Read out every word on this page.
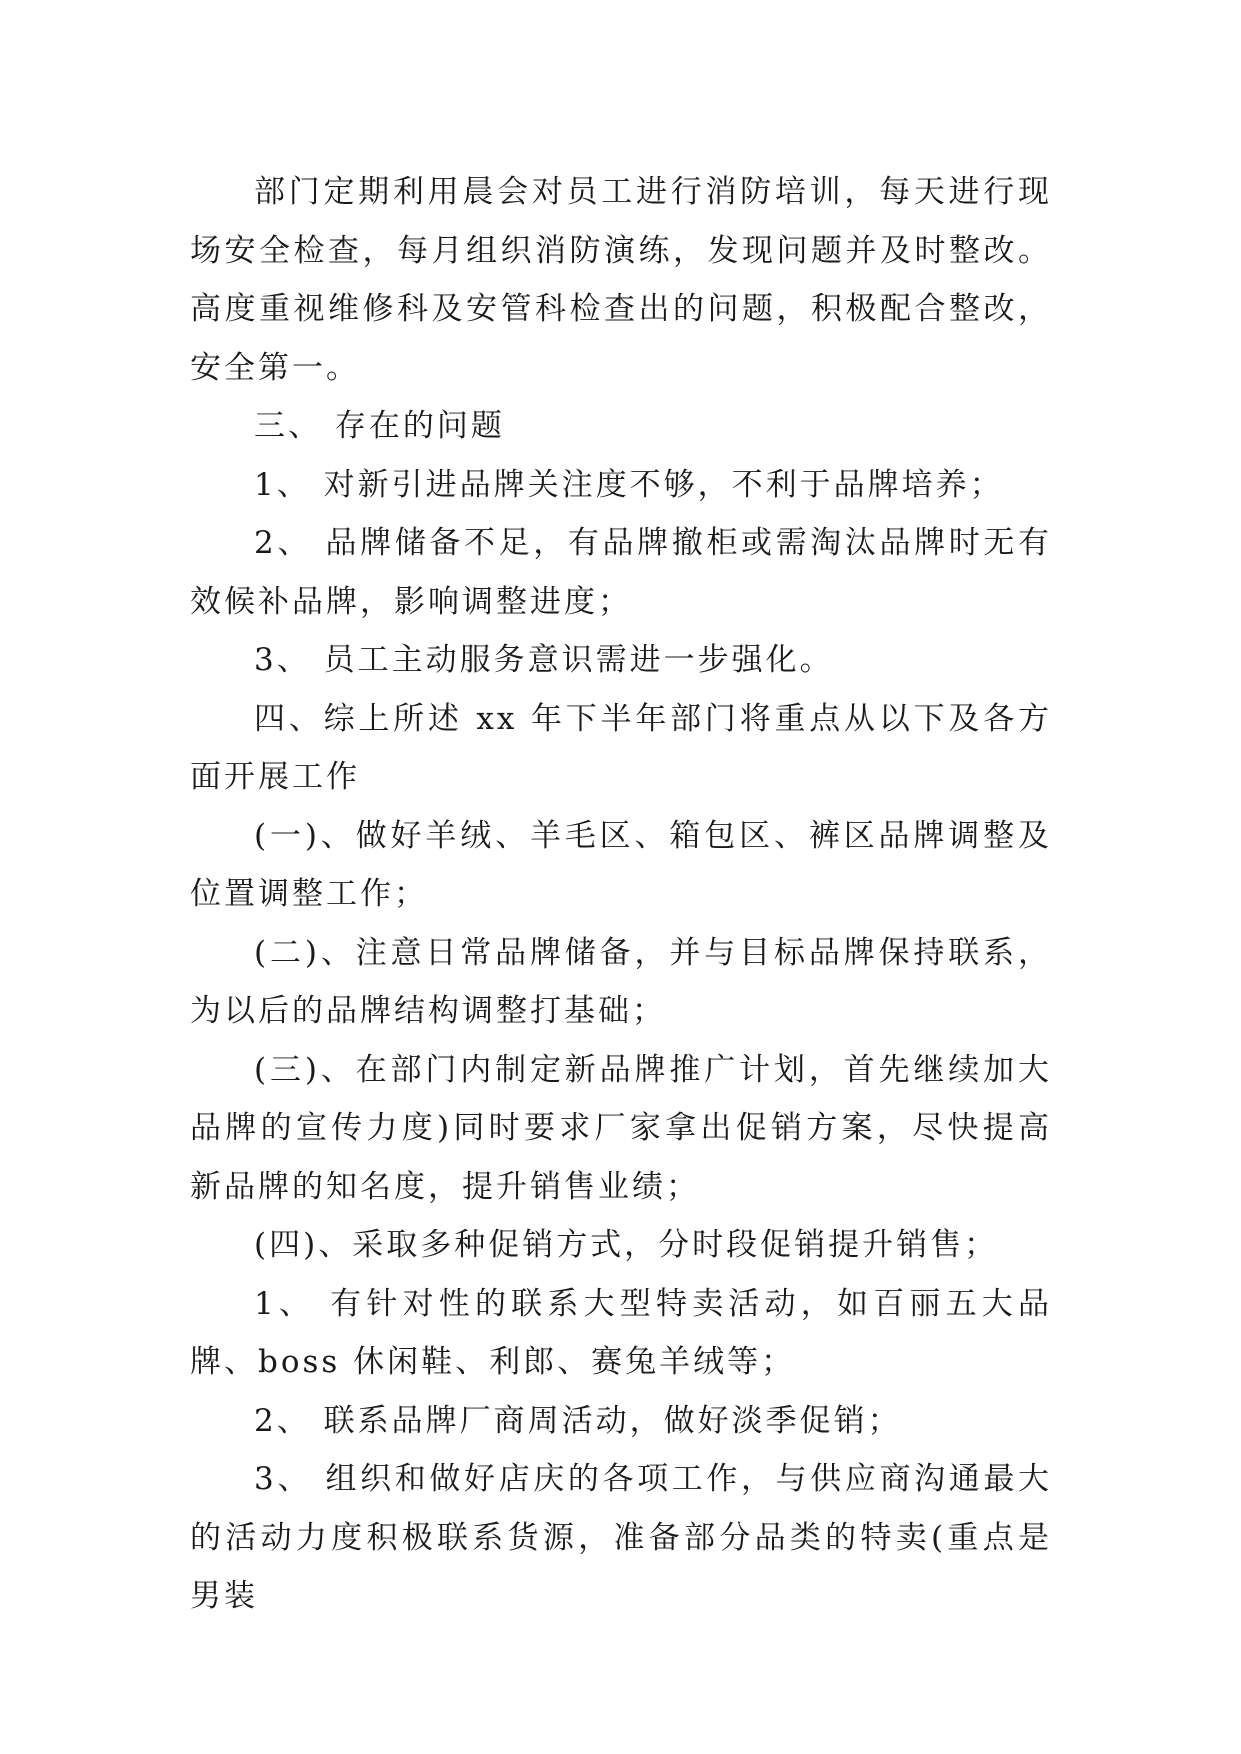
部门定期利用晨会对员工进行消防培训，每天进行现场安全检查，每月组织消防演练，发现问题并及时整改。高度重视维修科及安管科检查出的问题，积极配合整改，安全第一。

三、 存在的问题

1、 对新引进品牌关注度不够，不利于品牌培养；

2、 品牌储备不足，有品牌撤柜或需淘汰品牌时无有效候补品牌，影响调整进度；

3、 员工主动服务意识需进一步强化。

四、综上所述 xx 年下半年部门将重点从以下及各方面开展工作

(一)、做好羊绒、羊毛区、箱包区、裤区品牌调整及位置调整工作；

(二)、注意日常品牌储备，并与目标品牌保持联系，为以后的品牌结构调整打基础；

(三)、在部门内制定新品牌推广计划，首先继续加大品牌的宣传力度)同时要求厂家拿出促销方案，尽快提高新品牌的知名度，提升销售业绩；

(四)、采取多种促销方式，分时段促销提升销售；

1、 有针对性的联系大型特卖活动，如百丽五大品牌、boss 休闲鞋、利郎、赛兔羊绒等；

2、 联系品牌厂商周活动，做好淡季促销；

3、 组织和做好店庆的各项工作，与供应商沟通最大的活动力度积极联系货源，准备部分品类的特卖(重点是男装
